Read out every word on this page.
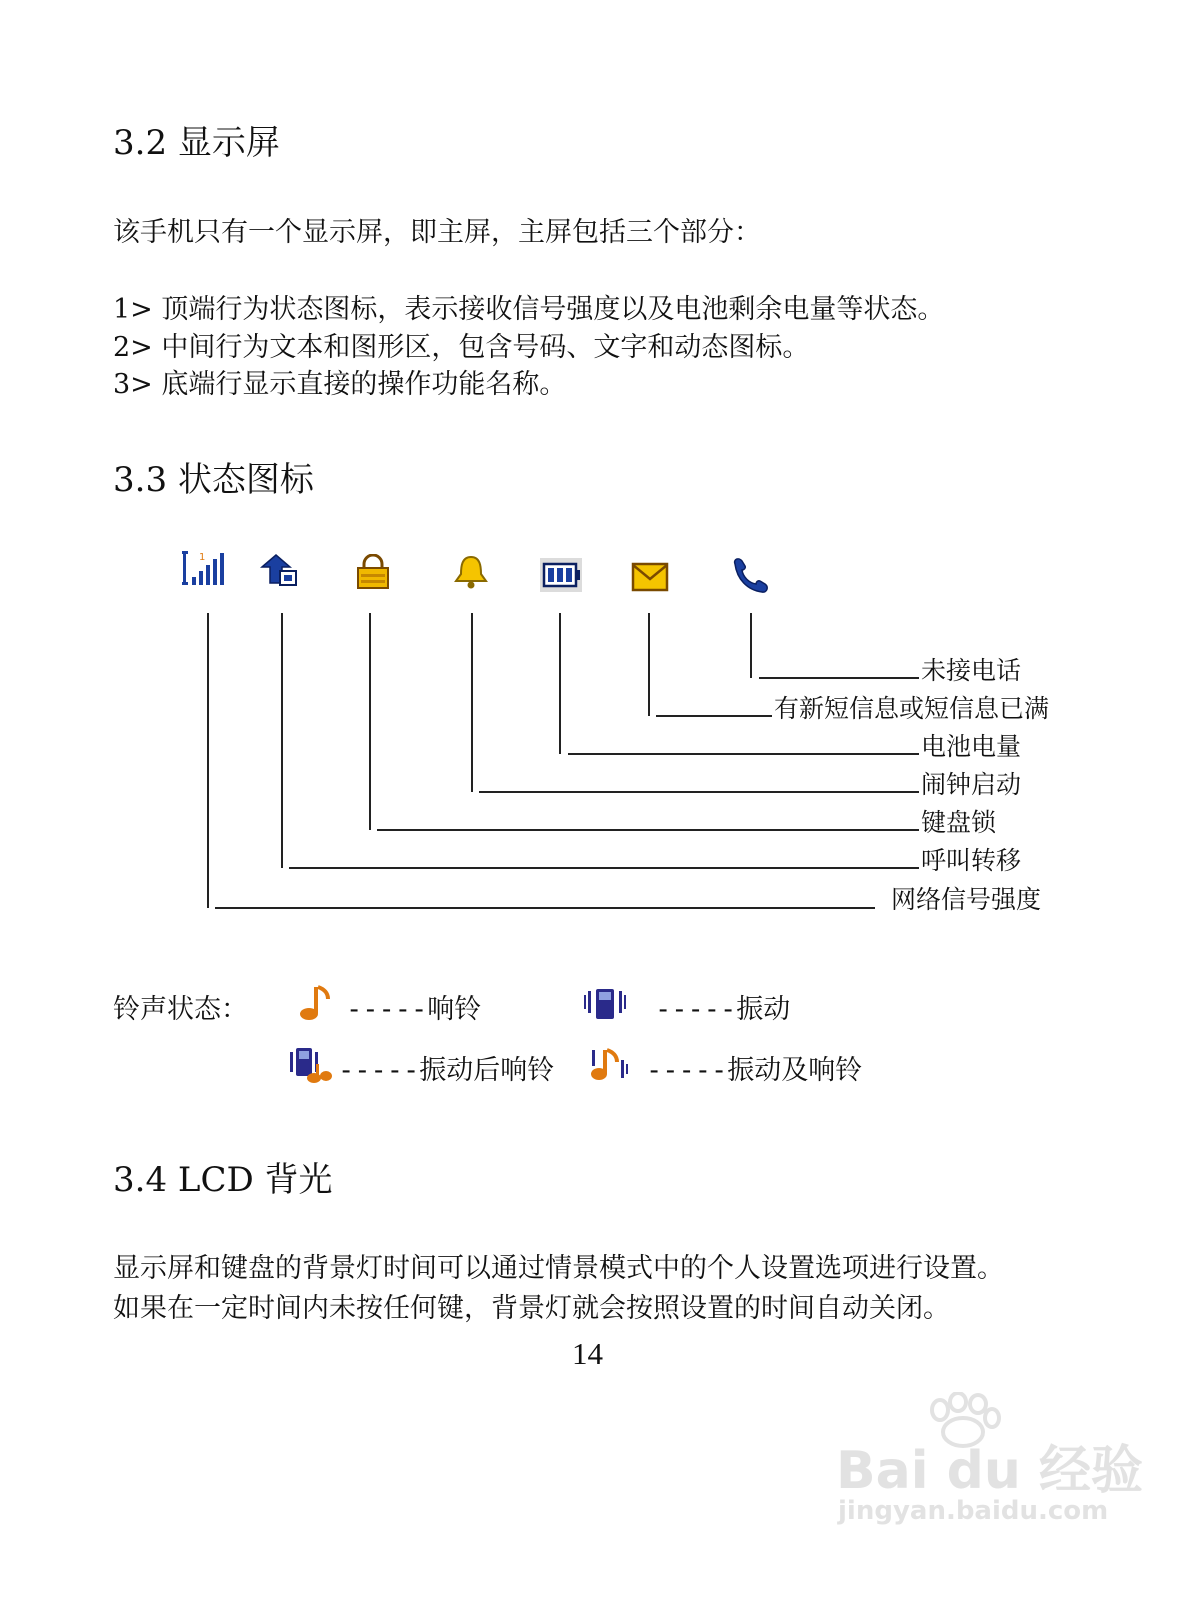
3.2 显示屏
该手机只有一个显示屏，即主屏，主屏包括三个部分：
1> 顶端行为状态图标，表示接收信号强度以及电池剩余电量等状态。
2> 中间行为文本和图形区，包含号码、文字和动态图标。
3> 底端行显示直接的操作功能名称。
3.3 状态图标
1
未接电话
有新短信息或短信息已满
电池电量
闹钟启动
键盘锁
呼叫转移
网络信号强度
铃声状态：	-----响铃	-----振动
-----振动后响铃	-----振动及响铃
3.4 LCD 背光
显示屏和键盘的背景灯时间可以通过情景模式中的个人设置选项进行设置。
如果在一定时间内未按任何键，背景灯就会按照设置的时间自动关闭。
14
Bai du 经验
jingyan.baidu.com
